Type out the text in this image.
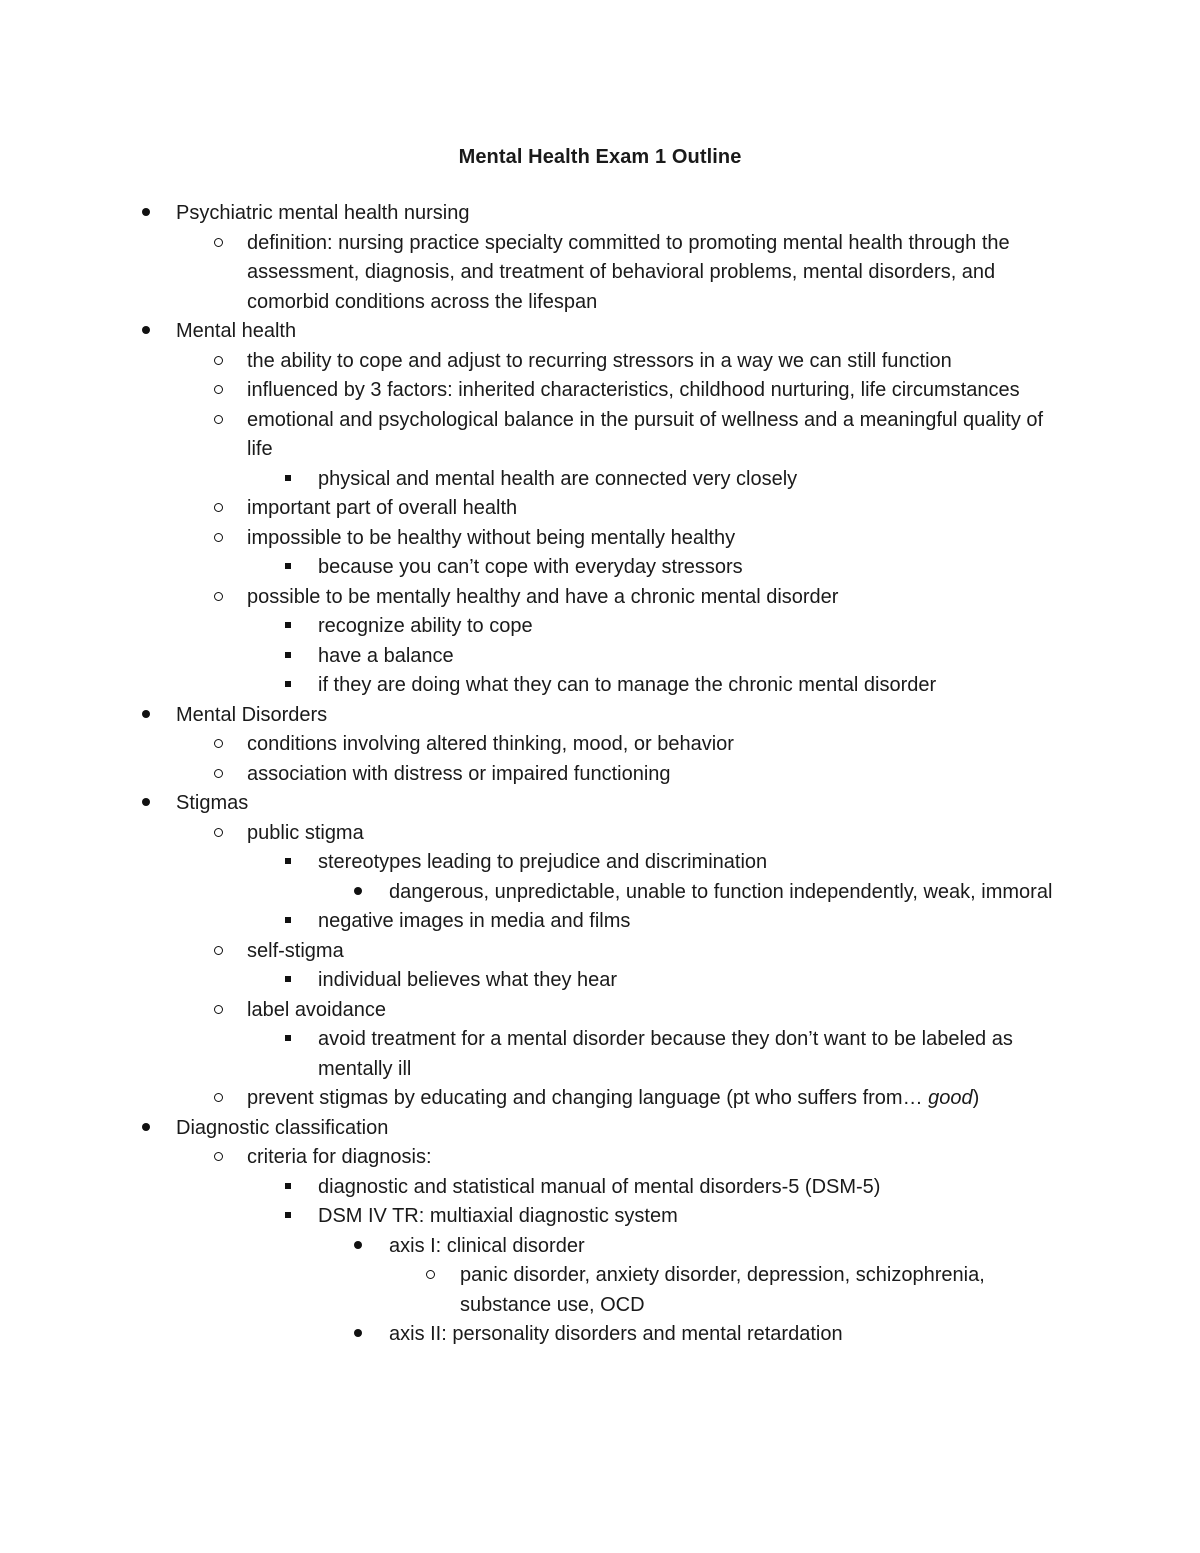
Mental Health Exam 1 Outline
Psychiatric mental health nursing
definition: nursing practice specialty committed to promoting mental health through the assessment, diagnosis, and treatment of behavioral problems, mental disorders, and comorbid conditions across the lifespan
Mental health
the ability to cope and adjust to recurring stressors in a way we can still function
influenced by 3 factors: inherited characteristics, childhood nurturing, life circumstances
emotional and psychological balance in the pursuit of wellness and a meaningful quality of life
physical and mental health are connected very closely
important part of overall health
impossible to be healthy without being mentally healthy
because you can’t cope with everyday stressors
possible to be mentally healthy and have a chronic mental disorder
recognize ability to cope
have a balance
if they are doing what they can to manage the chronic mental disorder
Mental Disorders
conditions involving altered thinking, mood, or behavior
association with distress or impaired functioning
Stigmas
public stigma
stereotypes leading to prejudice and discrimination
dangerous, unpredictable, unable to function independently, weak, immoral
negative images in media and films
self-stigma
individual believes what they hear
label avoidance
avoid treatment for a mental disorder because they don’t want to be labeled as mentally ill
prevent stigmas by educating and changing language (pt who suffers from… good)
Diagnostic classification
criteria for diagnosis:
diagnostic and statistical manual of mental disorders-5 (DSM-5)
DSM IV TR: multiaxial diagnostic system
axis I: clinical disorder
panic disorder, anxiety disorder, depression, schizophrenia, substance use, OCD
axis II: personality disorders and mental retardation
